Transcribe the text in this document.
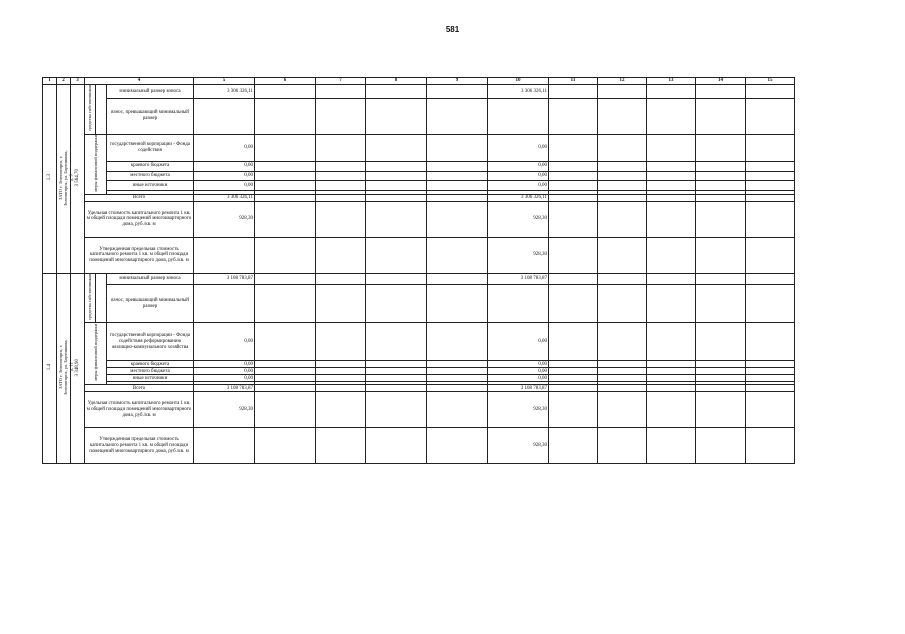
581
1	2	3	4			5	6	7	8	9	10	11	12	13	14	15	
1.3	ЗАТО г. Зеленогорск, г. Зеленогорск, ул. Бортникова, д. 9	3 564,70	средства собственников		минимальный размер взноса	3 306 326,11					3 306 326,11						
					взнос, превышающий минимальный размер												
			меры финансовой поддержки		государственной корпорации - Фонда содействия	0,00					0,00						
					краевого бюджета	0,00					0,00						
					местного бюджета	0,00					0,00						
					иные источники	0,00					0,00						

			Всего			3 306 326,11					3 306 326,11						
			Удельная стоимость капитального ремонта 1 кв. м общей площади помещений многоквартирного дома, руб./кв. м			928,30					928,30						
			Утвержденная предельная стоимость капитального ремонта 1 кв. м общей площади помещений многоквартирного дома, руб./кв. м								928,30						
1.4	ЗАТО г. Зеленогорск, г. Зеленогорск, ул. Бортникова, д. 11	3 348,90	средства собственников		минимальный размер взноса	3 108 783,87					3 108 783,87						
					взнос, превышающий минимальный размер												
			меры финансовой поддержки		государственной корпорации - Фонда содействия реформированию жилищно-коммунального хозяйства	0,00					0,00						
					краевого бюджета	0,00					0,00						
					местного бюджета	0,00					0,00						
					иные источники	0,00					0,00						

			Всего			3 108 783,87					3 108 783,87						
			Удельная стоимость капитального ремонта 1 кв. м общей площади помещений многоквартирного дома, руб./кв. м			928,30					928,30						
			Утвержденная предельная стоимость капитального ремонта 1 кв. м общей площади помещений многоквартирного дома, руб./кв. м								928,30						
